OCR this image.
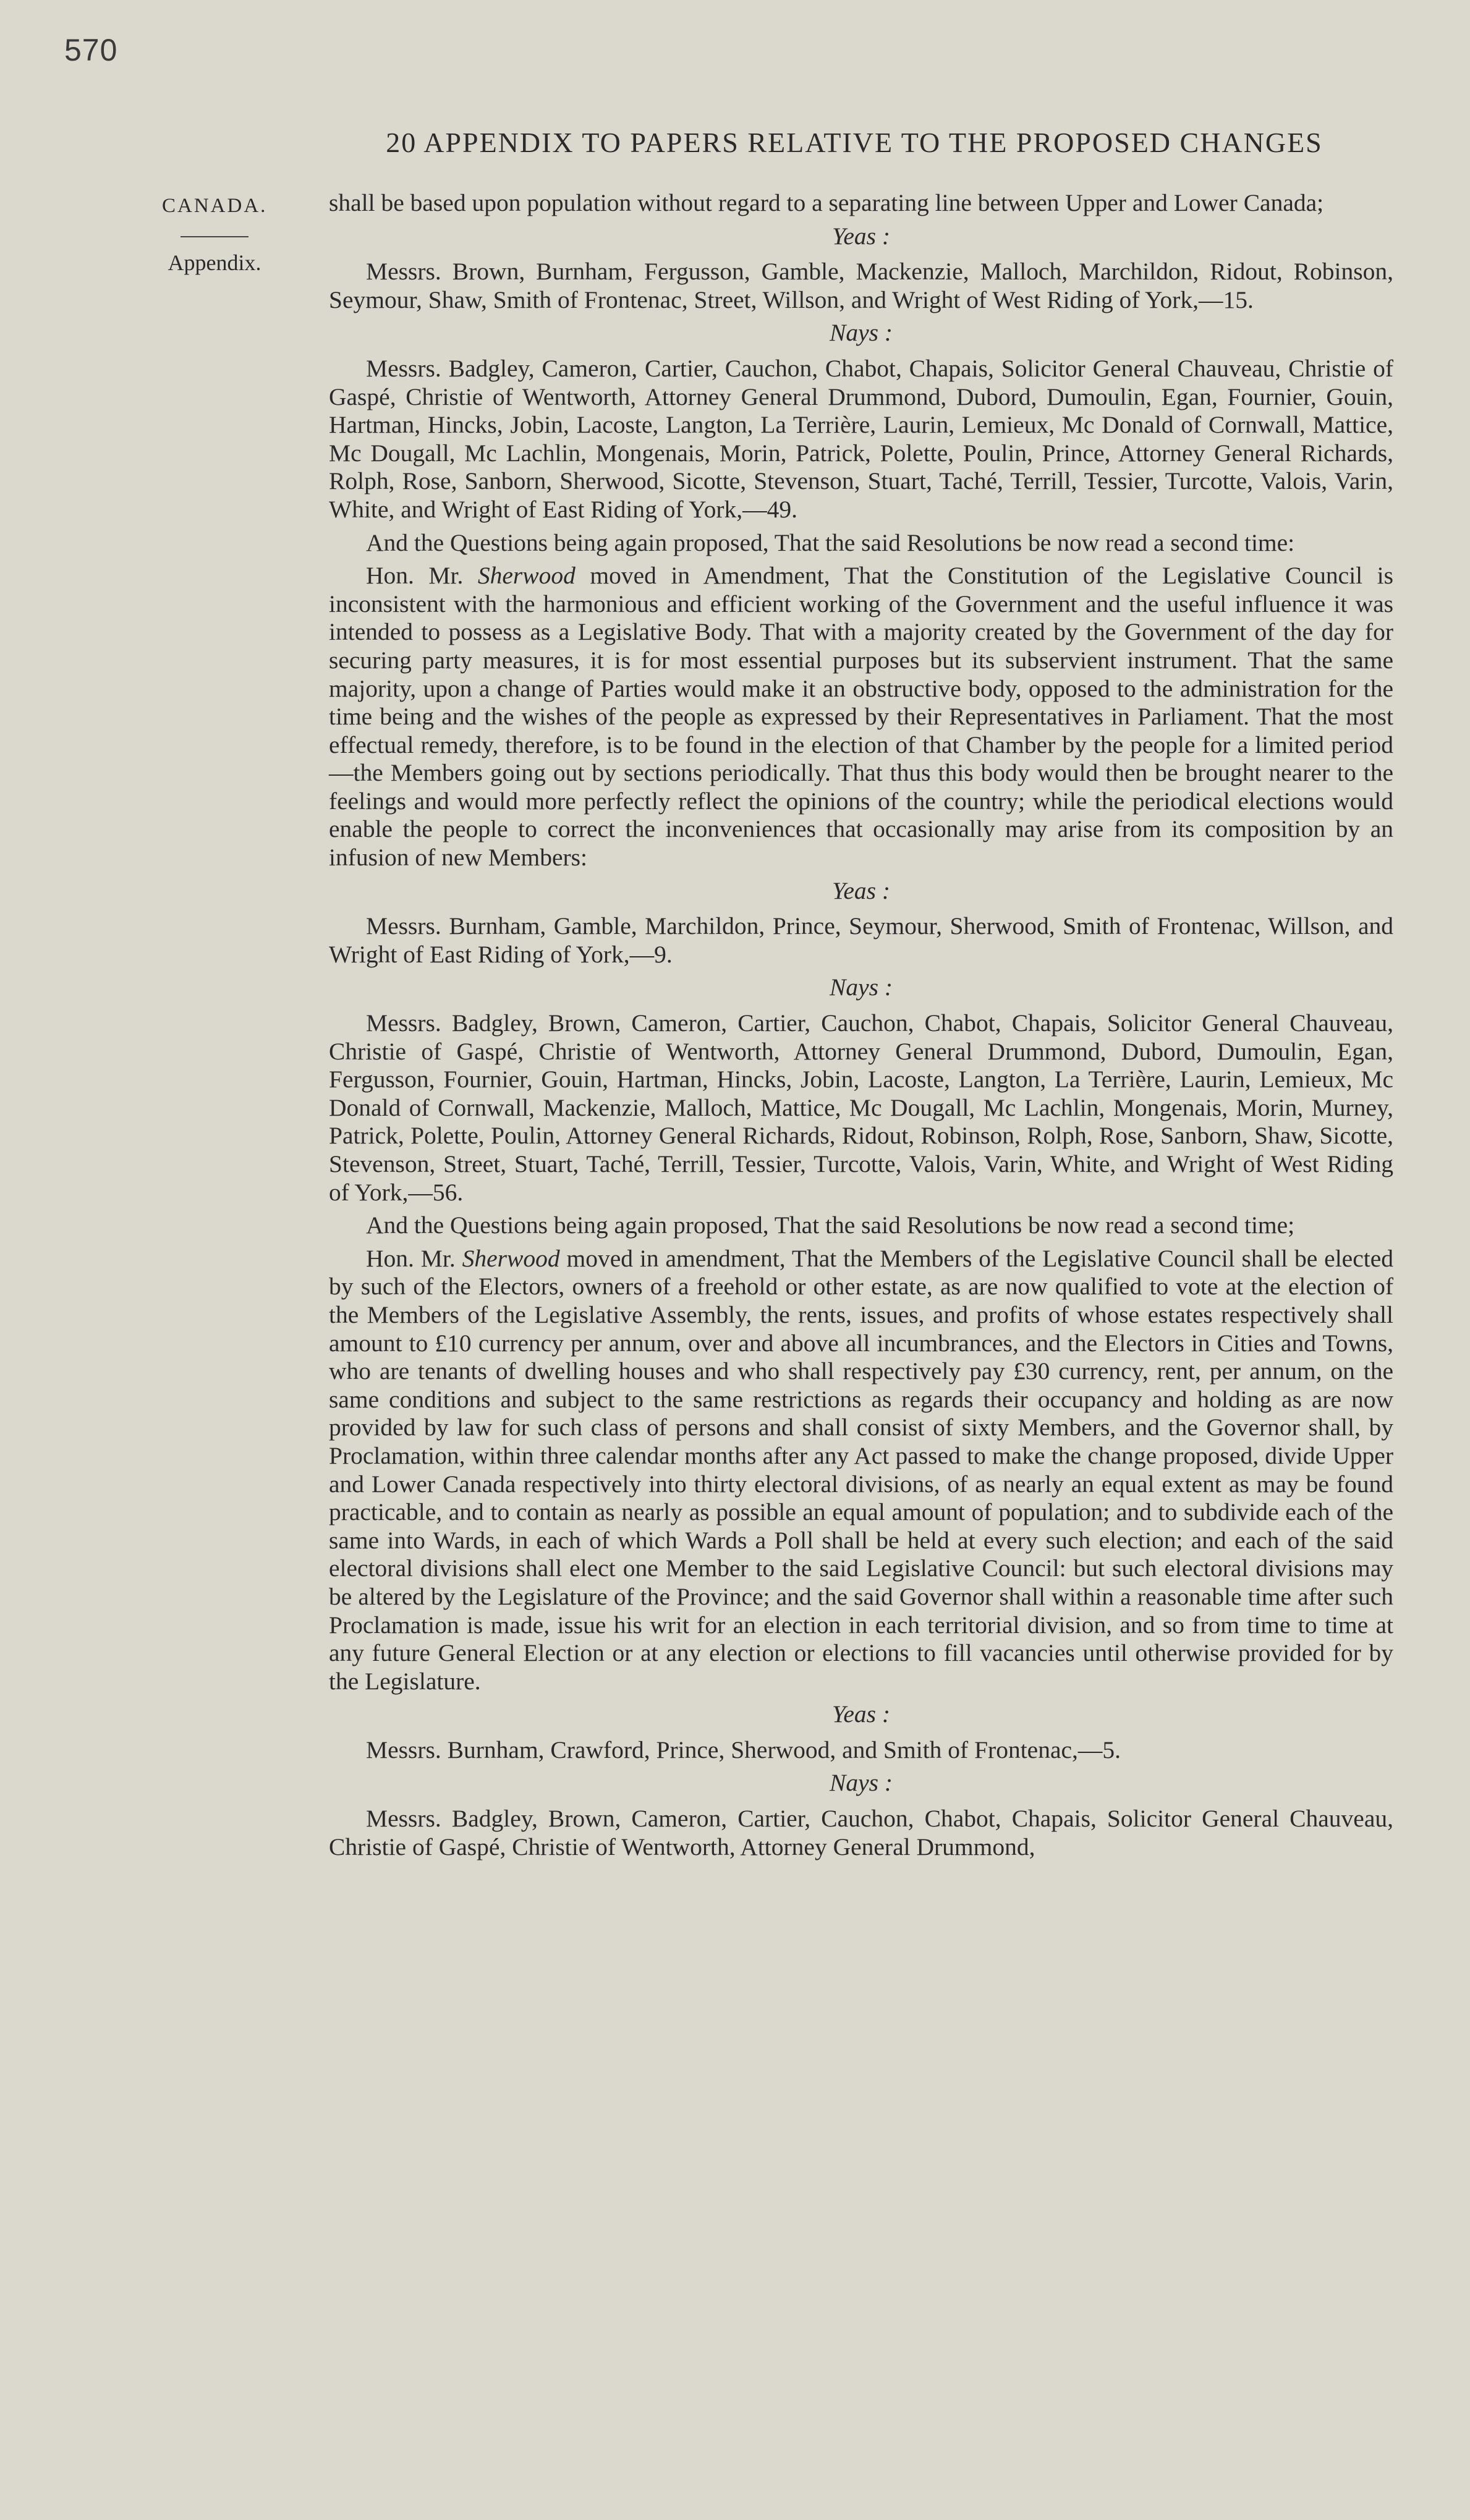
570
20 APPENDIX TO PAPERS RELATIVE TO THE PROPOSED CHANGES
CANADA.
Appendix.

shall be based upon population without regard to a separating line between Upper and Lower Canada;

Yeas :

Messrs. Brown, Burnham, Fergusson, Gamble, Mackenzie, Malloch, Marchildon, Ridout, Robinson, Seymour, Shaw, Smith of Frontenac, Street, Willson, and Wright of West Riding of York,—15.

Nays :

Messrs. Badgley, Cameron, Cartier, Cauchon, Chabot, Chapais, Solicitor General Chauveau, Christie of Gaspé, Christie of Wentworth, Attorney General Drummond, Dubord, Dumoulin, Egan, Fournier, Gouin, Hartman, Hincks, Jobin, Lacoste, Langton, La Terrière, Laurin, Lemieux, Mc Donald of Cornwall, Mattice, Mc Dougall, Mc Lachlin, Mongenais, Morin, Patrick, Polette, Poulin, Prince, Attorney General Richards, Rolph, Rose, Sanborn, Sherwood, Sicotte, Stevenson, Stuart, Taché, Terrill, Tessier, Turcotte, Valois, Varin, White, and Wright of East Riding of York,—49.

And the Questions being again proposed, That the said Resolutions be now read a second time:

Hon. Mr. Sherwood moved in Amendment, That the Constitution of the Legislative Council is inconsistent with the harmonious and efficient working of the Government and the useful influence it was intended to possess as a Legislative Body. That with a majority created by the Government of the day for securing party measures, it is for most essential purposes but its subservient instrument. That the same majority, upon a change of Parties would make it an obstructive body, opposed to the administration for the time being and the wishes of the people as expressed by their Representatives in Parliament. That the most effectual remedy, therefore, is to be found in the election of that Chamber by the people for a limited period—the Members going out by sections periodically. That thus this body would then be brought nearer to the feelings and would more perfectly reflect the opinions of the country; while the periodical elections would enable the people to correct the inconveniences that occasionally may arise from its composition by an infusion of new Members:

Yeas :

Messrs. Burnham, Gamble, Marchildon, Prince, Seymour, Sherwood, Smith of Frontenac, Willson, and Wright of East Riding of York,—9.

Nays :

Messrs. Badgley, Brown, Cameron, Cartier, Cauchon, Chabot, Chapais, Solicitor General Chauveau, Christie of Gaspé, Christie of Wentworth, Attorney General Drummond, Dubord, Dumoulin, Egan, Fergusson, Fournier, Gouin, Hartman, Hincks, Jobin, Lacoste, Langton, La Terrière, Laurin, Lemieux, Mc Donald of Cornwall, Mackenzie, Malloch, Mattice, Mc Dougall, Mc Lachlin, Mongenais, Morin, Murney, Patrick, Polette, Poulin, Attorney General Richards, Ridout, Robinson, Rolph, Rose, Sanborn, Shaw, Sicotte, Stevenson, Street, Stuart, Taché, Terrill, Tessier, Turcotte, Valois, Varin, White, and Wright of West Riding of York,—56.

And the Questions being again proposed, That the said Resolutions be now read a second time;

Hon. Mr. Sherwood moved in amendment, That the Members of the Legislative Council shall be elected by such of the Electors, owners of a freehold or other estate, as are now qualified to vote at the election of the Members of the Legislative Assembly, the rents, issues, and profits of whose estates respectively shall amount to £10 currency per annum, over and above all incumbrances, and the Electors in Cities and Towns, who are tenants of dwelling houses and who shall respectively pay £30 currency, rent, per annum, on the same conditions and subject to the same restrictions as regards their occupancy and holding as are now provided by law for such class of persons and shall consist of sixty Members, and the Governor shall, by Proclamation, within three calendar months after any Act passed to make the change proposed, divide Upper and Lower Canada respectively into thirty electoral divisions, of as nearly an equal extent as may be found practicable, and to contain as nearly as possible an equal amount of population; and to subdivide each of the same into Wards, in each of which Wards a Poll shall be held at every such election; and each of the said electoral divisions shall elect one Member to the said Legislative Council: but such electoral divisions may be altered by the Legislature of the Province; and the said Governor shall within a reasonable time after such Proclamation is made, issue his writ for an election in each territorial division, and so from time to time at any future General Election or at any election or elections to fill vacancies until otherwise provided for by the Legislature.

Yeas :

Messrs. Burnham, Crawford, Prince, Sherwood, and Smith of Frontenac,—5.

Nays :

Messrs. Badgley, Brown, Cameron, Cartier, Cauchon, Chabot, Chapais, Solicitor General Chauveau, Christie of Gaspé, Christie of Wentworth, Attorney General Drummond,
